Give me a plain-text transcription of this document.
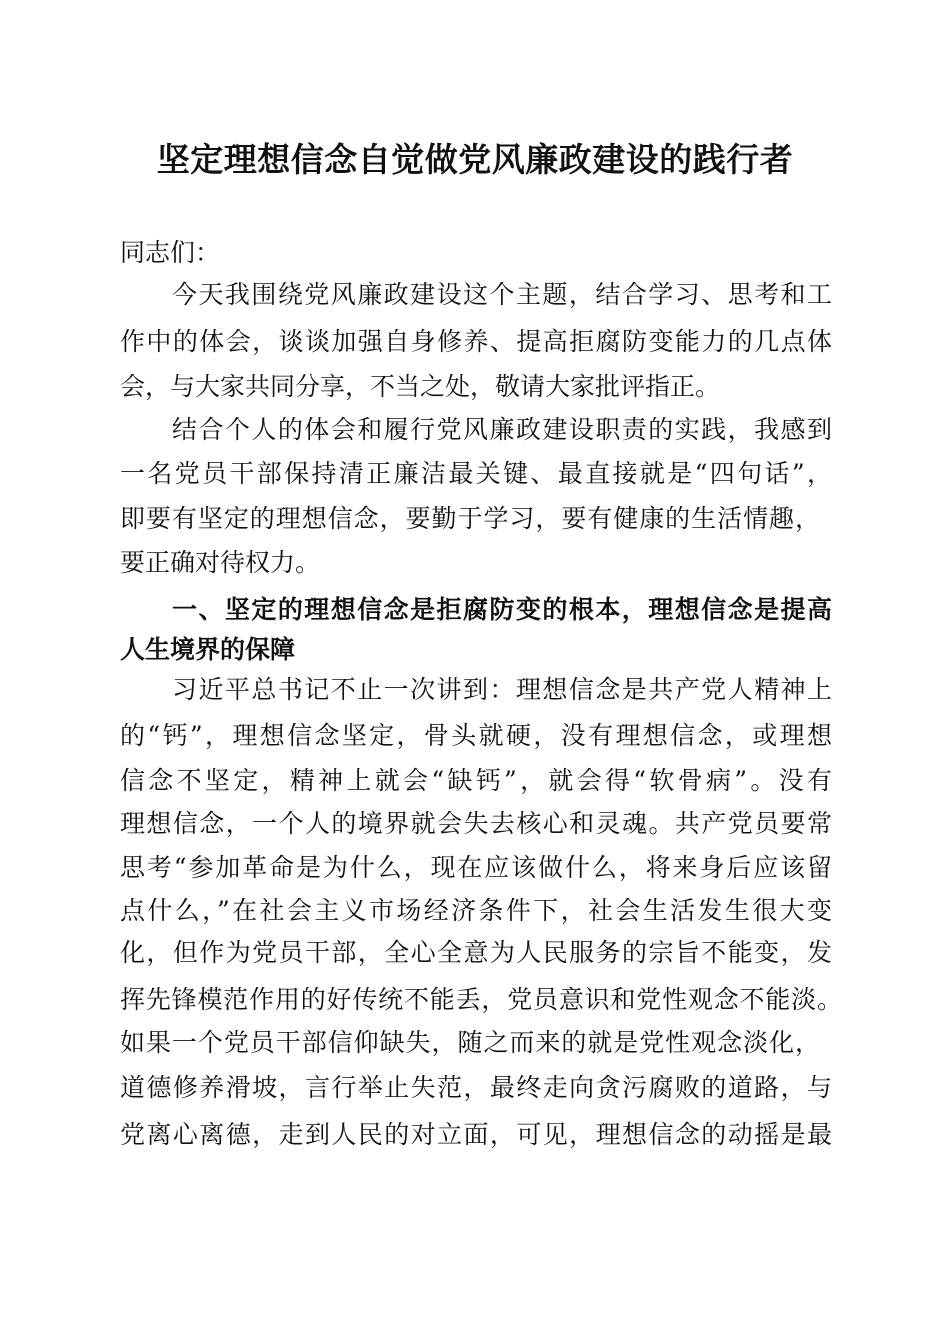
坚定理想信念自觉做党风廉政建设的践行者
同志们：
今天我围绕党风廉政建设这个主题，结合学习、思考和工
作中的体会，谈谈加强自身修养、提高拒腐防变能力的几点体
会，与大家共同分享，不当之处，敬请大家批评指正。
结合个人的体会和履行党风廉政建设职责的实践，我感到
一名党员干部保持清正廉洁最关键、最直接就是“四句话”，
即要有坚定的理想信念，要勤于学习，要有健康的生活情趣，
要正确对待权力。
一、坚定的理想信念是拒腐防变的根本，理想信念是提高
人生境界的保障
习近平总书记不止一次讲到：理想信念是共产党人精神上
的“钙”，理想信念坚定，骨头就硬，没有理想信念，或理想
信念不坚定，精神上就会“缺钙”，就会得“软骨病”。没有
理想信念，一个人的境界就会失去核心和灵魂。共产党员要常
思考“参加革命是为什么，现在应该做什么，将来身后应该留
点什么，”在社会主义市场经济条件下，社会生活发生很大变
化，但作为党员干部，全心全意为人民服务的宗旨不能变，发
挥先锋模范作用的好传统不能丢，党员意识和党性观念不能淡。
如果一个党员干部信仰缺失，随之而来的就是党性观念淡化，
道德修养滑坡，言行举止失范，最终走向贪污腐败的道路，与
党离心离德，走到人民的对立面，可见，理想信念的动摇是最
